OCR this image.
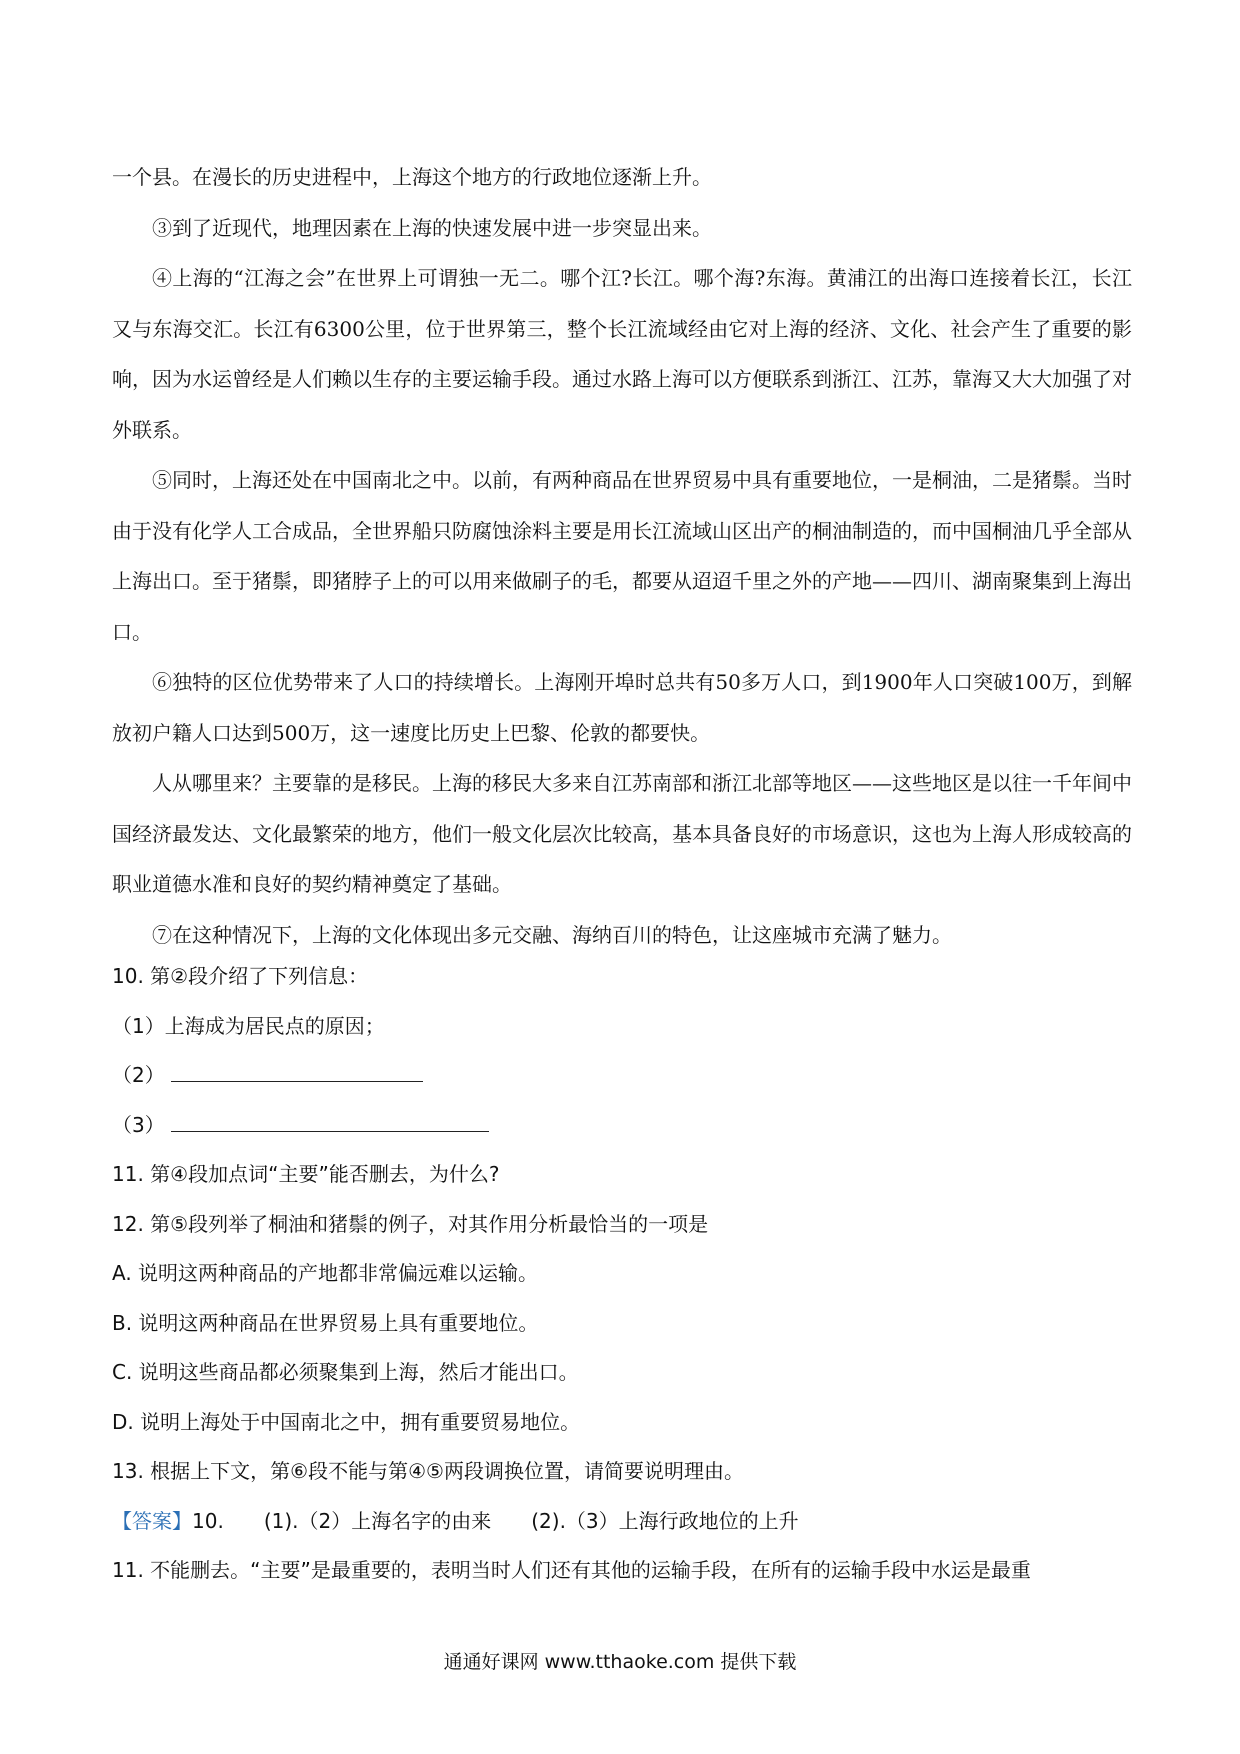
一个县。在漫长的历史进程中，上海这个地方的行政地位逐渐上升。

③到了近现代，地理因素在上海的快速发展中进一步突显出来。

④上海的“江海之会”在世界上可谓独一无二。哪个江?长江。哪个海?东海。黄浦江的出海口连接着长江，长江又与东海交汇。长江有6300公里，位于世界第三，整个长江流域经由它对上海的经济、文化、社会产生了重要的影响，因为水运曾经是人们赖以生存的主要运输手段。通过水路上海可以方便联系到浙江、江苏，靠海又大大加强了对外联系。

⑤同时，上海还处在中国南北之中。以前，有两种商品在世界贸易中具有重要地位，一是桐油，二是猪鬃。当时由于没有化学人工合成品，全世界船只防腐蚀涂料主要是用长江流域山区出产的桐油制造的，而中国桐油几乎全部从上海出口。至于猪鬃，即猪脖子上的可以用来做刷子的毛，都要从迢迢千里之外的产地——四川、湖南聚集到上海出口。

⑥独特的区位优势带来了人口的持续增长。上海刚开埠时总共有50多万人口，到1900年人口突破100万，到解放初户籍人口达到500万，这一速度比历史上巴黎、伦敦的都要快。

人从哪里来？主要靠的是移民。上海的移民大多来自江苏南部和浙江北部等地区——这些地区是以往一千年间中国经济最发达、文化最繁荣的地方，他们一般文化层次比较高，基本具备良好的市场意识，这也为上海人形成较高的职业道德水准和良好的契约精神奠定了基础。

⑦在这种情况下，上海的文化体现出多元交融、海纳百川的特色，让这座城市充满了魅力。

10. 第②段介绍了下列信息：

（1）上海成为居民点的原因；

（2）

（3）

11. 第④段加点词“主要”能否删去，为什么?

12. 第⑤段列举了桐油和猪鬃的例子，对其作用分析最恰当的一项是

A. 说明这两种商品的产地都非常偏远难以运输。

B. 说明这两种商品在世界贸易上具有重要地位。

C. 说明这些商品都必须聚集到上海，然后才能出口。

D. 说明上海处于中国南北之中，拥有重要贸易地位。

13. 根据上下文，第⑥段不能与第④⑤两段调换位置，请简要说明理由。

【答案】10. (1).（2）上海名字的由来 (2).（3）上海行政地位的上升

11. 不能删去。“主要”是最重要的，表明当时人们还有其他的运输手段，在所有的运输手段中水运是最重

通通好课网 www.tthaoke.com 提供下载
